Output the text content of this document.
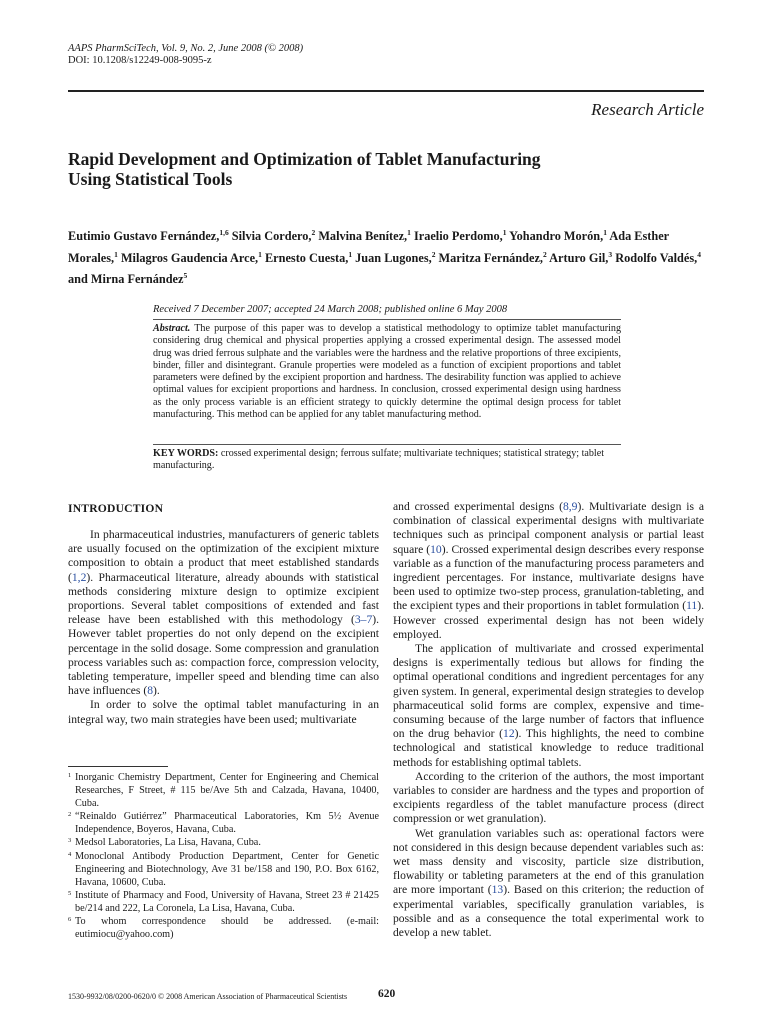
AAPS PharmSciTech, Vol. 9, No. 2, June 2008 (© 2008)
DOI: 10.1208/s12249-008-9095-z
Research Article
Rapid Development and Optimization of Tablet Manufacturing
Using Statistical Tools
Eutimio Gustavo Fernández,$^{1,6}$ Silvia Cordero,$^2$ Malvina Benítez,$^1$ Iraelio Perdomo,$^1$ Yohandro Morón,$^1$ Ada Esther Morales,$^1$ Milagros Gaudencia Arce,$^1$ Ernesto Cuesta,$^1$ Juan Lugones,$^2$ Maritza Fernández,$^2$ Arturo Gil,$^3$ Rodolfo Valdés,$^4$ and Mirna Fernández$^5$
Received 7 December 2007; accepted 24 March 2008; published online 6 May 2008
Abstract. The purpose of this paper was to develop a statistical methodology to optimize tablet manufacturing considering drug chemical and physical properties applying a crossed experimental design. The assessed model drug was dried ferrous sulphate and the variables were the hardness and the relative proportions of three excipients, binder, filler and disintegrant. Granule properties were modeled as a function of excipient proportions and tablet parameters were defined by the excipient proportion and hardness. The desirability function was applied to achieve optimal values for excipient proportions and hardness. In conclusion, crossed experimental design using hardness as the only process variable is an efficient strategy to quickly determine the optimal design process for tablet manufacturing. This method can be applied for any tablet manufacturing method.
KEY WORDS: crossed experimental design; ferrous sulfate; multivariate techniques; statistical strategy; tablet manufacturing.
INTRODUCTION

In pharmaceutical industries, manufacturers of generic tablets are usually focused on the optimization of the excipient mixture composition to obtain a product that meet established standards (1,2). Pharmaceutical literature, already abounds with statistical methods considering mixture design to optimize excipient proportions. Several tablet compositions of extended and fast release have been established with this methodology (3–7). However tablet properties do not only depend on the excipient percentage in the solid dosage. Some compression and granulation process variables such as: compaction force, compression velocity, tableting temperature, impeller speed and blending time can also have influences (8).

In order to solve the optimal tablet manufacturing in an integral way, two main strategies have been used; multivariate

and crossed experimental designs (8,9). Multivariate design is a combination of classical experimental designs with multivariate techniques such as principal component analysis or partial least square (10). Crossed experimental design describes every response variable as a function of the manufacturing process parameters and ingredient percentages. For instance, multivariate designs have been used to optimize two-step process, granulation-tableting, and the excipient types and their proportions in tablet formulation (11). However crossed experimental design has not been widely employed.

The application of multivariate and crossed experimental designs is experimentally tedious but allows for finding the optimal operational conditions and ingredient percentages for any given system. In general, experimental design strategies to develop pharmaceutical solid forms are complex, expensive and time-consuming because of the large number of factors that influence on the drug behavior (12). This highlights, the need to combine technological and statistical knowledge to reduce traditional methods for establishing optimal tablets.

According to the criterion of the authors, the most important variables to consider are hardness and the types and proportion of excipients regardless of the tablet manufacture process (direct compression or wet granulation).

Wet granulation variables such as: operational factors were not considered in this design because dependent variables such as: wet mass density and viscosity, particle size distribution, flowability or tableting parameters at the end of this granulation are more important (13). Based on this criterion; the reduction of experimental variables, specifically granulation variables, is possible and as a consequence the total experimental work to develop a new tablet.

1 Inorganic Chemistry Department, Center for Engineering and Chemical Researches, F Street, # 115 be/Ave 5th and Calzada, Havana, 10400, Cuba.
2 “Reinaldo Gutiérrez” Pharmaceutical Laboratories, Km 5½ Avenue Independence, Boyeros, Havana, Cuba.
3 Medsol Laboratories, La Lisa, Havana, Cuba.
4 Monoclonal Antibody Production Department, Center for Genetic Engineering and Biotechnology, Ave 31 be/158 and 190, P.O. Box 6162, Havana, 10600, Cuba.
5 Institute of Pharmacy and Food, University of Havana, Street 23 # 21425 be/214 and 222, La Coronela, La Lisa, Havana, Cuba.
6 To whom correspondence should be addressed. (e-mail: eutimiocu@yahoo.com)
1530-9932/08/0200-0620/0 © 2008 American Association of Pharmaceutical Scientists	620
